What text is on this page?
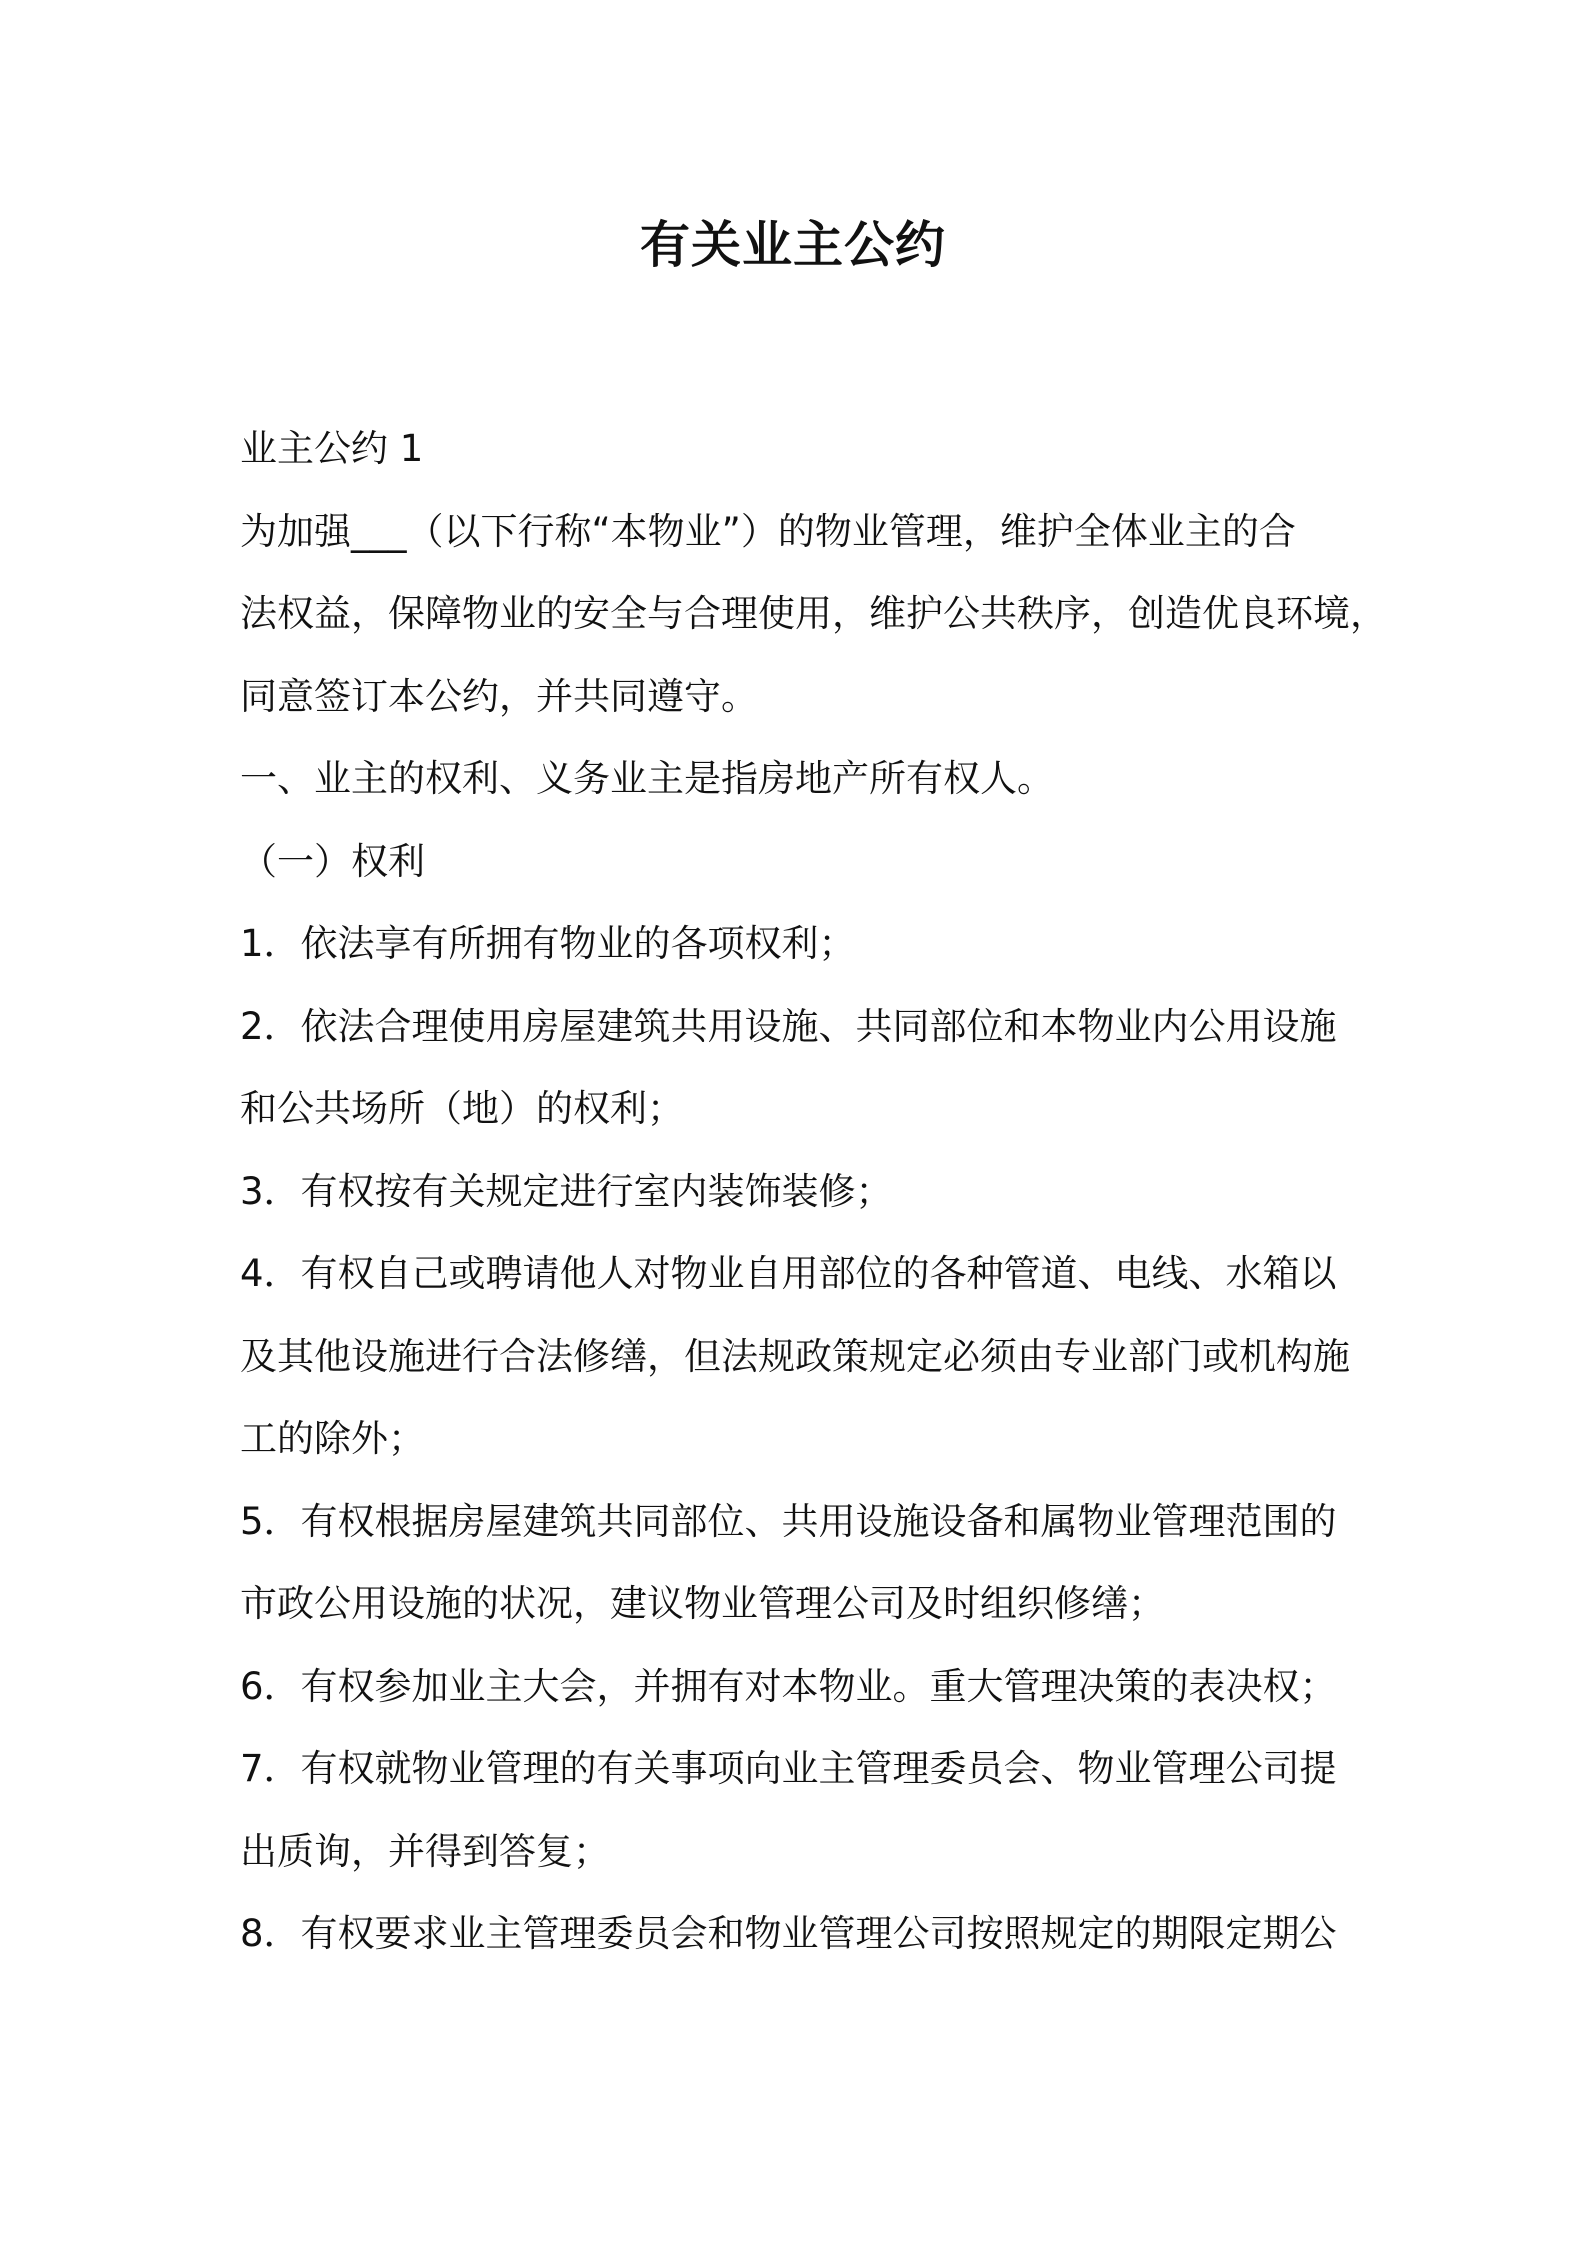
有关业主公约

业主公约 1

为加强___（以下行称“本物业”）的物业管理，维护全体业主的合

法权益，保障物业的安全与合理使用，维护公共秩序，创造优良环境，

同意签订本公约，并共同遵守。

一、业主的权利、义务业主是指房地产所有权人。

（一）权利

1．依法享有所拥有物业的各项权利；

2．依法合理使用房屋建筑共用设施、共同部位和本物业内公用设施

和公共场所（地）的权利；

3．有权按有关规定进行室内装饰装修；

4．有权自己或聘请他人对物业自用部位的各种管道、电线、水箱以

及其他设施进行合法修缮，但法规政策规定必须由专业部门或机构施

工的除外；

5．有权根据房屋建筑共同部位、共用设施设备和属物业管理范围的

市政公用设施的状况，建议物业管理公司及时组织修缮；

6．有权参加业主大会，并拥有对本物业。重大管理决策的表决权；

7．有权就物业管理的有关事项向业主管理委员会、物业管理公司提

出质询，并得到答复；

8．有权要求业主管理委员会和物业管理公司按照规定的期限定期公
